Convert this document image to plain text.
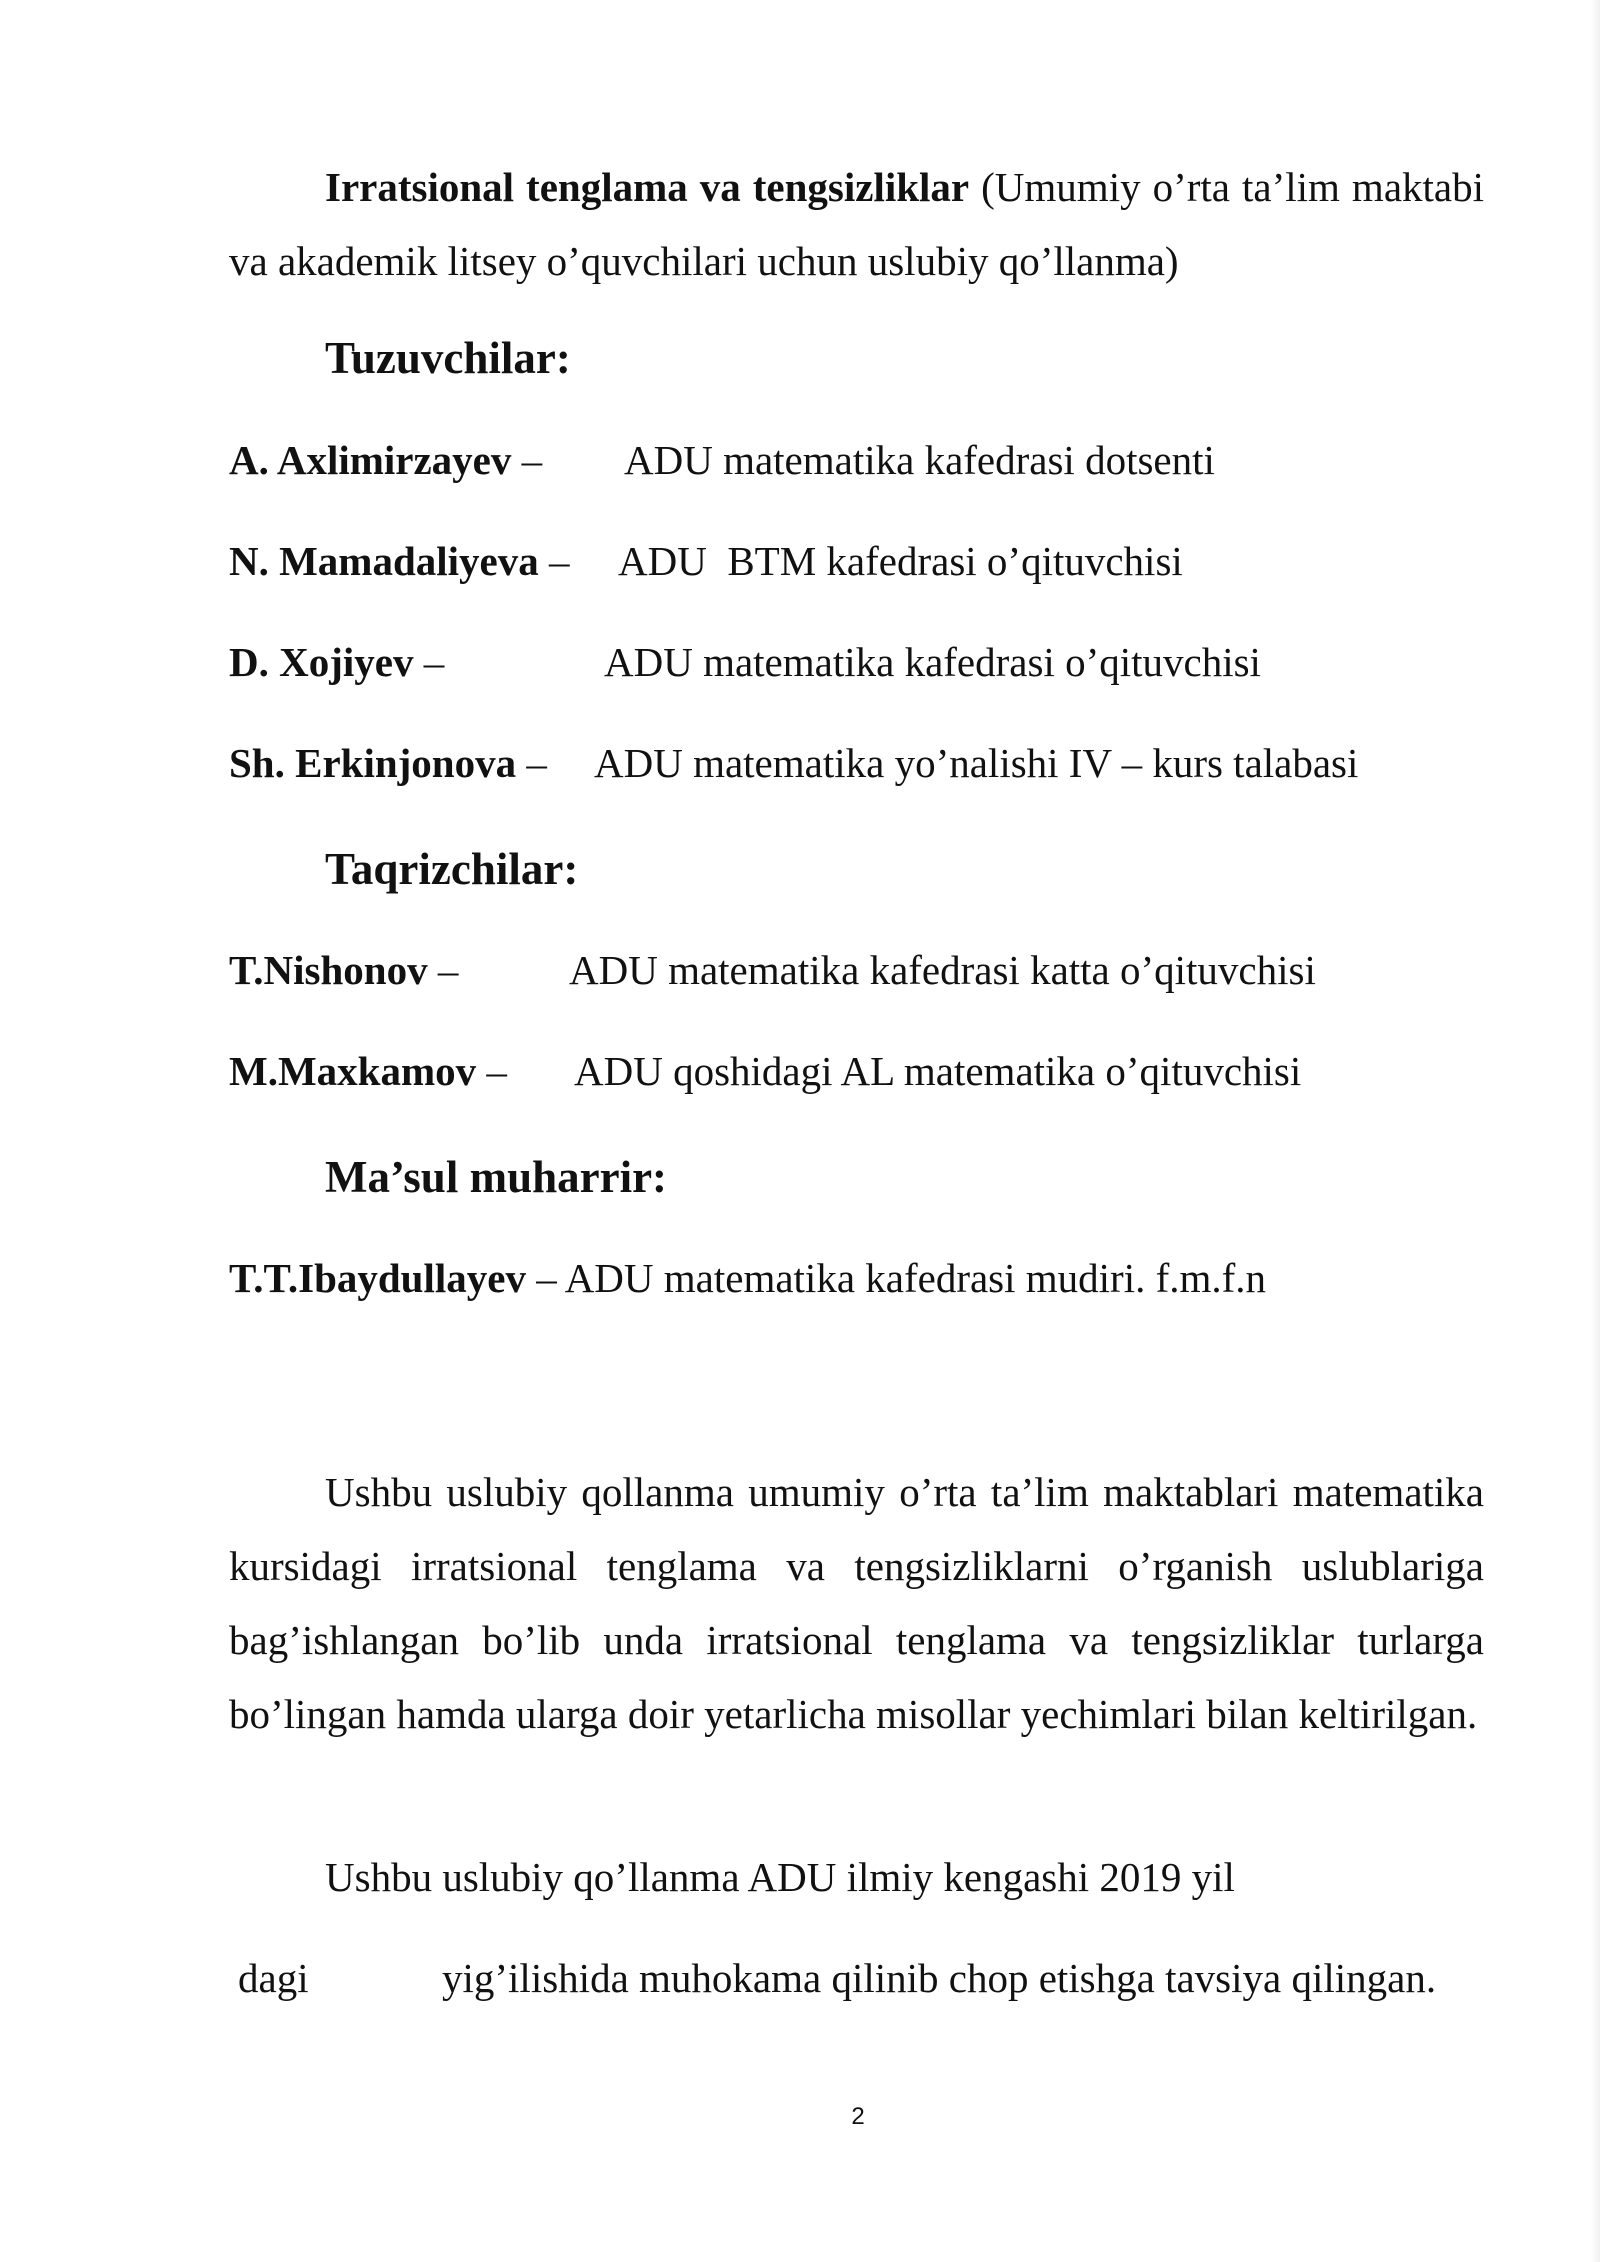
Irratsional tenglama va tengsizliklar (Umumiy o’rta ta’lim maktabi va akademik litsey o’quvchilari uchun uslubiy qo’llanma)

Tuzuvchilar:
A. Axlimirzayev – ADU matematika kafedrasi dotsenti
N. Mamadaliyeva – ADU  BTM kafedrasi o’qituvchisi
D. Xojiyev –	ADU matematika kafedrasi o’qituvchisi
Sh. Erkinjonova – ADU matematika yo’nalishi IV – kurs talabasi
Taqrizchilar:
T.Nishonov –	ADU matematika kafedrasi katta o’qituvchisi
M.Maxkamov – ADU qoshidagi AL matematika o’qituvchisi
Ma’sul muharrir:
T.T.Ibaydullayev – ADU matematika kafedrasi mudiri. f.m.f.n

Ushbu uslubiy qollanma umumiy o’rta ta’lim maktablari matematika kursidagi irratsional tenglama va tengsizliklarni o’rganish uslublariga bag’ishlangan bo’lib unda irratsional tenglama va tengsizliklar turlarga bo’lingan hamda ularga doir yetarlicha misollar yechimlari bilan keltirilgan.

Ushbu uslubiy qo’llanma ADU ilmiy kengashi 2019 yil
dagi	yig’ilishida muhokama qilinib chop etishga tavsiya qilingan.
2
